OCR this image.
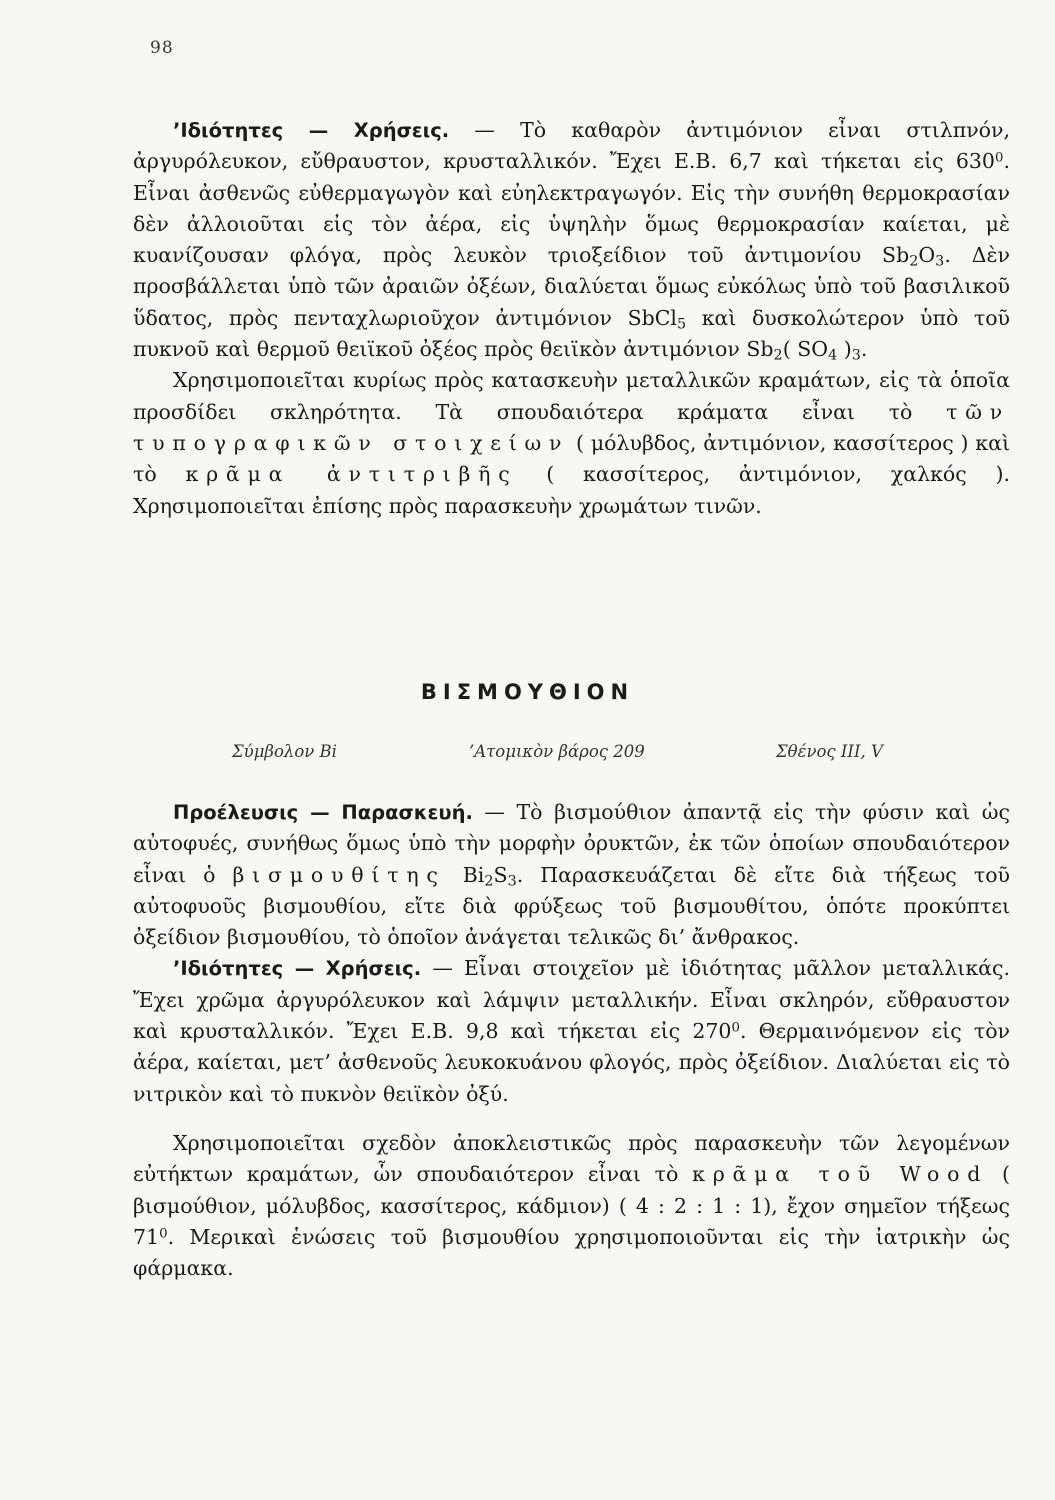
98

’Ιδιότητες — Χρήσεις. — Τὸ καθαρὸν ἀντιμόνιον εἶναι στιλπνόν, ἀργυρόλευκον, εὔθραυστον, κρυσταλλικόν. Ἔχει Ε.Β. 6,7 καὶ τήκεται εἰς $630^0$. Εἶναι ἀσθενῶς εὐθερμαγωγὸν καὶ εὐηλεκτραγωγόν. Εἰς τὴν συνήθη θερμοκρασίαν δὲν ἀλλοιοῦται εἰς τὸν ἀέρα, εἰς ὑψηλὴν ὅμως θερμοκρασίαν καίεται, μὲ κυανίζουσαν φλόγα, πρὸς λευκὸν τριοξείδιον τοῦ ἀντιμονίου $Sb_2O_3$. Δὲν προσβάλλεται ὑπὸ τῶν ἀραιῶν ὀξέων, διαλύεται ὅμως εὐκόλως ὑπὸ τοῦ βασιλικοῦ ὕδατος, πρὸς πενταχλωριοῦχον ἀντιμόνιον SbCl$_5$ καὶ δυσκολώτερον ὑπὸ τοῦ πυκνοῦ καὶ θερμοῦ θειϊκοῦ ὀξέος πρὸς θειϊκὸν ἀντιμόνιον $Sb_2$( $SO_4$ )$_3$.

Χρησιμοποιεῖται κυρίως πρὸς κατασκευὴν μεταλλικῶν κραμάτων, εἰς τὰ ὁποῖα προσδίδει σκληρότητα. Τὰ σπουδαιότερα κράματα εἶναι τὸ τῶν τυπογραφικῶν στοιχείων ( μόλυβδος, ἀντιμόνιον, κασσίτερος ) καὶ τὸ κρᾶμα ἀντιτριβῆς ( κασσίτερος, ἀντιμόνιον, χαλκός ). Χρησιμοποιεῖται ἐπίσης πρὸς παρασκευὴν χρωμάτων τινῶν.

ΒΙΣΜΟΥΘΙΟΝ
Σύμβολον Bi	’Ατομικὸν βάρος 209	Σθένος III, V

Προέλευσις — Παρασκευή. — Τὸ βισμούθιον ἀπαντᾷ εἰς τὴν φύσιν καὶ ὡς αὐτοφυές, συνήθως ὅμως ὑπὸ τὴν μορφὴν ὀρυκτῶν, ἐκ τῶν ὁποίων σπουδαιότερον εἶναι ὁ βισμουθίτης $Bi_2S_3$. Παρασκευάζεται δὲ εἴτε διὰ τήξεως τοῦ αὐτοφυοῦς βισμουθίου, εἴτε διὰ φρύξεως τοῦ βισμουθίτου, ὁπότε προκύπτει ὀξείδιον βισμουθίου, τὸ ὁποῖον ἀνάγεται τελικῶς δι’ ἄνθρακος.

’Ιδιότητες — Χρήσεις. — Εἶναι στοιχεῖον μὲ ἰδιότητας μᾶλλον μεταλλικάς. Ἔχει χρῶμα ἀργυρόλευκον καὶ λάμψιν μεταλλικήν. Εἶναι σκληρόν, εὔθραυστον καὶ κρυσταλλικόν. Ἔχει Ε.Β. 9,8 καὶ τήκεται εἰς $270^0$. Θερμαινόμενον εἰς τὸν ἀέρα, καίεται, μετ’ ἀσθενοῦς λευκοκυάνου φλογός, πρὸς ὀξείδιον. Διαλύεται εἰς τὸ νιτρικὸν καὶ τὸ πυκνὸν θειϊκὸν ὀξύ.

Χρησιμοποιεῖται σχεδὸν ἀποκλειστικῶς πρὸς παρασκευὴν τῶν λεγομένων εὐτήκτων κραμάτων, ὧν σπουδαιότερον εἶναι τὸ κρᾶμα τοῦ Wood ( βισμούθιον, μόλυβδος, κασσίτερος, κάδμιον) ( 4 : 2 : 1 : 1), ἔχον σημεῖον τήξεως $71^0$. Μερικαὶ ἑνώσεις τοῦ βισμουθίου χρησιμοποιοῦνται εἰς τὴν ἰατρικὴν ὡς φάρμακα.
